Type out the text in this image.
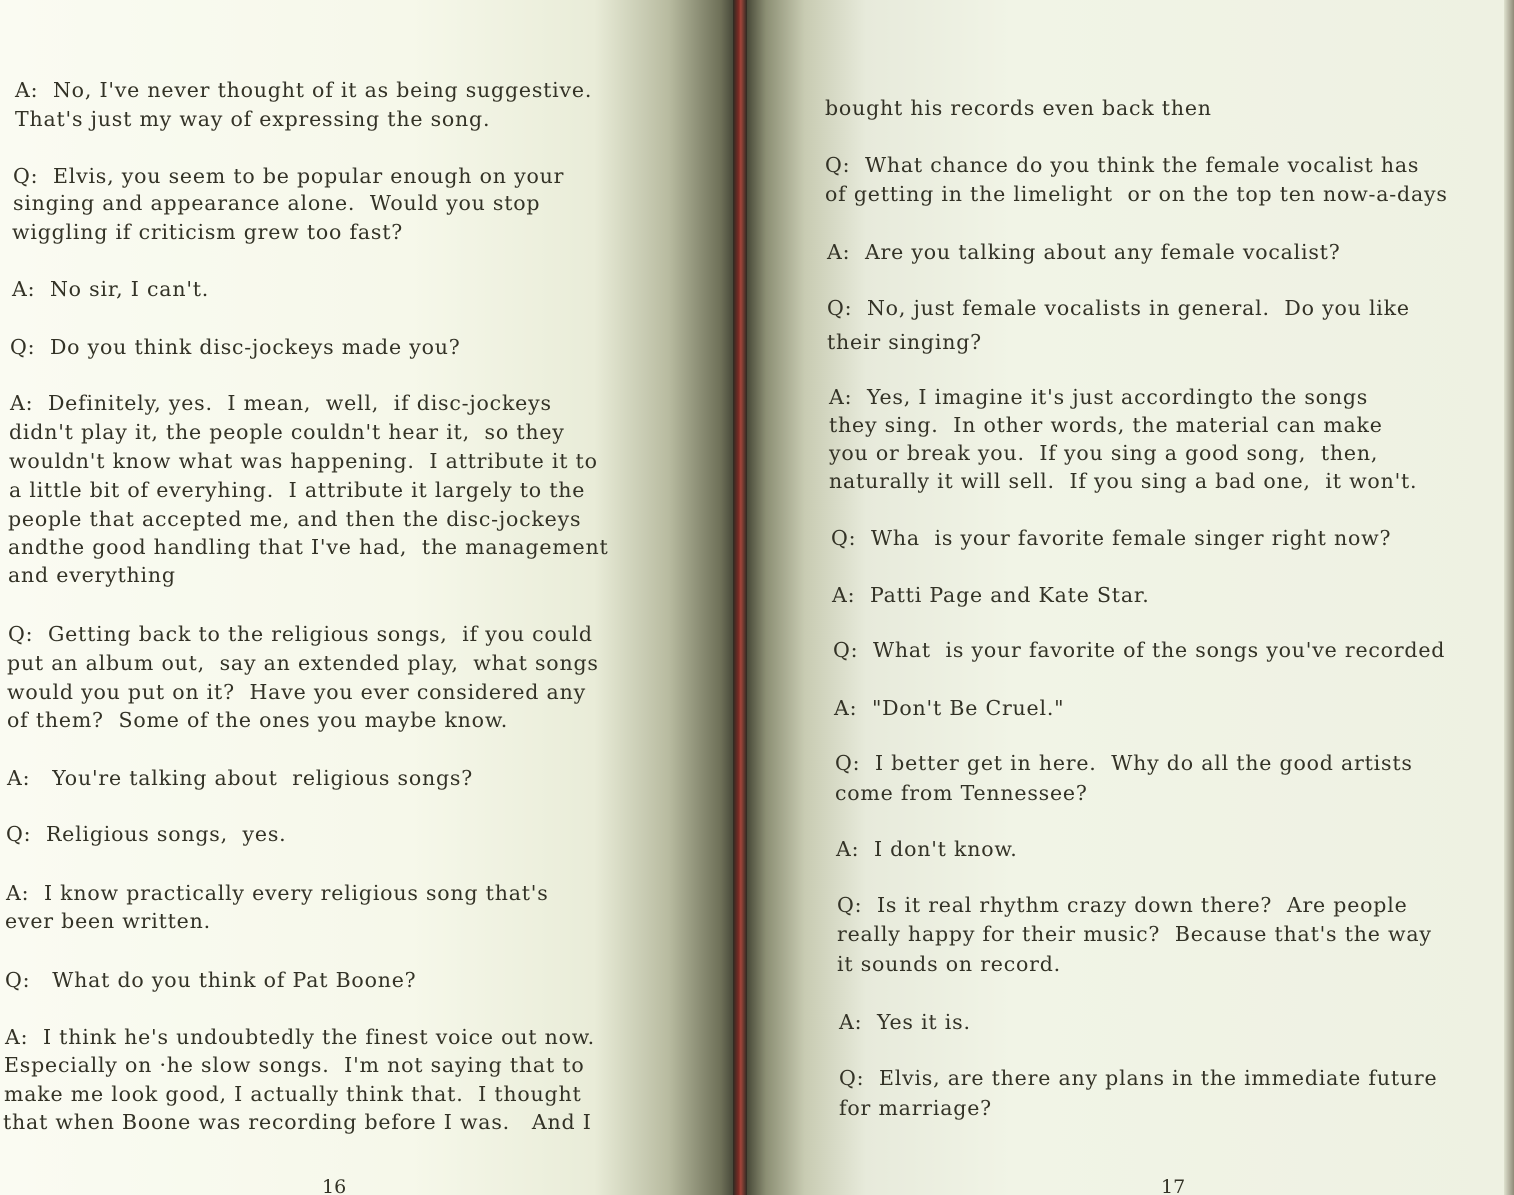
A:  No, I've never thought of it as being suggestive.
That's just my way of expressing the song.
Q:  Elvis, you seem to be popular enough on your
singing and appearance alone.  Would you stop
wiggling if criticism grew too fast?
A:  No sir, I can't.
Q:  Do you think disc-jockeys made you?
A:  Definitely, yes.  I mean,  well,  if disc-jockeys
didn't play it, the people couldn't hear it,  so they
wouldn't know what was happening.  I attribute it to
a little bit of everyhing.  I attribute it largely to the
people that accepted me, and then the disc-jockeys
andthe good handling that I've had,  the management
and everything
Q:  Getting back to the religious songs,  if you could
put an album out,  say an extended play,  what songs
would you put on it?  Have you ever considered any
of them?  Some of the ones you maybe know.
A:   You're talking about  religious songs?
Q:  Religious songs,  yes.
A:  I know practically every religious song that's
ever been written.
Q:   What do you think of Pat Boone?
A:  I think he's undoubtedly the finest voice out now.
Especially on ·he slow songs.  I'm not saying that to
make me look good, I actually think that.  I thought
that when Boone was recording before I was.   And I
16
bought his records even back then
Q:  What chance do you think the female vocalist has
of getting in the limelight  or on the top ten now-a-days
A:  Are you talking about any female vocalist?
Q:  No, just female vocalists in general.  Do you like
their singing?
A:  Yes, I imagine it's just accordingto the songs
they sing.  In other words, the material can make
you or break you.  If you sing a good song,  then,
naturally it will sell.  If you sing a bad one,  it won't.
Q:  Wha  is your favorite female singer right now?
A:  Patti Page and Kate Star.
Q:  What  is your favorite of the songs you've recorded
A:  "Don't Be Cruel."
Q:  I better get in here.  Why do all the good artists
come from Tennessee?
A:  I don't know.
Q:  Is it real rhythm crazy down there?  Are people
really happy for their music?  Because that's the way
it sounds on record.
A:  Yes it is.
Q:  Elvis, are there any plans in the immediate future
for marriage?
17
